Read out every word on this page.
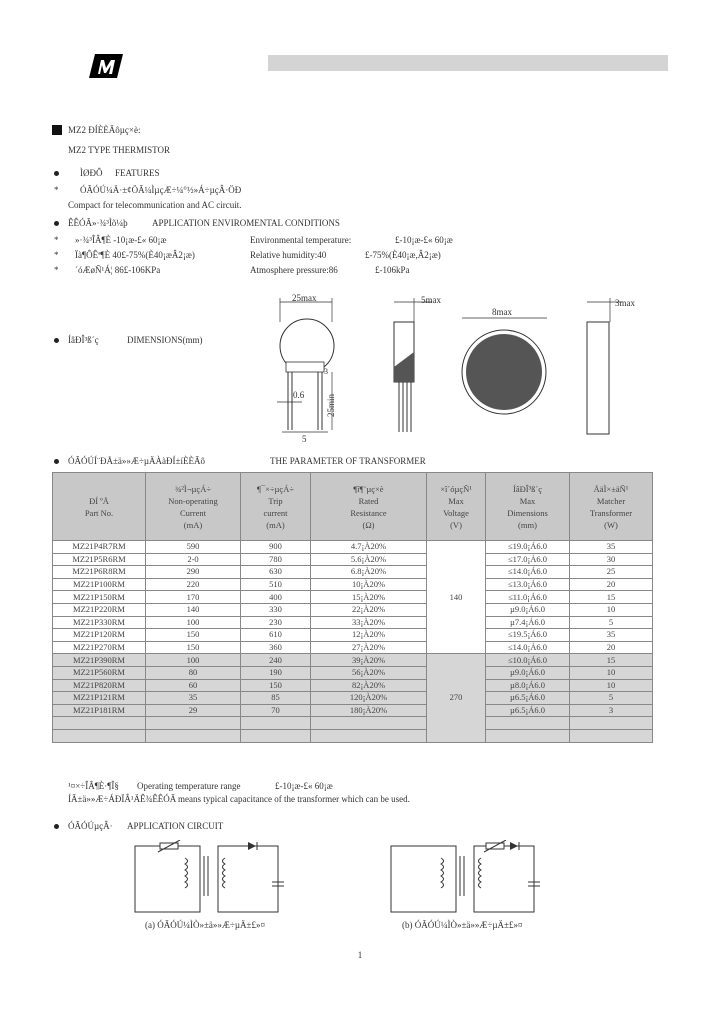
MZ2 ÐÍÈÈÃôµç×è:
MZ2 TYPE THERMISTOR
ÌØÐÔ FEATURES
* ÓÃÓÚ¼Ä·±¢ÖÃ¼ÌµçÆ÷¼°½»Á÷µçÂ·ÖÐ
Compact for telecommunication and AC circuit.
ÊÊÓÃ»·¾³Ìõ¼þ	APPLICATION ENVIROMENTAL CONDITIONS
* »·¾³ÎÂ¶È -10¡æ-£« 60¡æ	Environmental temperature:	£-10¡æ-£« 60¡æ
* Ïà¶ÔÊª¶È 40£-75%(È40¡æÂ2¡æ)	Relative humidity:40	£-75%(È40¡æ,Â2¡æ)
* ´óÆøÑ¹Á¦ 86£-106KPa	Atmosphere pressure:86	£-106kPa
ÍâÐÎ³ß´ç	DIMENSIONS(mm)
25max
0.6
5
3
25min
5max
8max
3max
ÓÃÓÚÍ¨ÐÅ±ä»»Æ÷µÄÀàÐÍ±íÈÈÃô	THE PARAMETER OF TRANSFORMER
ÐÍ ºÅ
Part No.	¾²Ì¬µçÁ÷
Non-operating
Current
(mA)	¶¯×÷µçÁ÷
Trip
current
(mA)	¶î¶¨µç×è
Rated
Resistance
(Ω)	×î´óµçÑ¹
Max
Voltage
(V)	ÍâÐÎ³ß´ç
Max
Dimensions
(mm)	ÅäÌ×±äÑ¹
Matcher
Transformer
(W)
MZ21P4R7RM	590	900	4.7¡À20%	140	≤19.0¡Á6.0	35
MZ21P5R6RM	2-0	780	5.6¡À20%		≤17.0¡Á6.0	30
MZ21P6R8RM	290	630	6.8¡À20%		≤14.0¡Á6.0	25
MZ21P100RM	220	510	10¡À20%		≤13.0¡Á6.0	20
MZ21P150RM	170	400	15¡À20%		≤11.0¡Á6.0	15
MZ21P220RM	140	330	22¡À20%		µ9.0¡Á6.0	10
MZ21P330RM	100	230	33¡À20%		µ7.4¡Á6.0	5
MZ21P120RM	150	610	12¡À20%		≤19.5¡Á6.0	35
MZ21P270RM	150	360	27¡À20%		≤14.0¡Á6.0	20
MZ21P390RM	100	240	39¡À20%	270	≤10.0¡Á6.0	15
MZ21P560RM	80	190	56¡À20%		µ9.0¡Á6.0	10
MZ21P820RM	60	150	82¡À20%		µ8.0¡Á6.0	10
MZ21P121RM	35	85	120¡À20%		µ6.5¡Á6.0	5
MZ21P181RM	29	70	180¡À20%		µ6.5¡Á6.0	3

¹¤×÷ÎÂ¶È·¶Î§ Operating temperature range	£-10¡æ-£« 60¡æ
ÍÃ±ä»»Æ÷ÁÐÏÂ¹ÄÊ¾ÊÊÓÃ means typical capacitance of the transformer which can be used.
ÓÃÓÚµçÂ· APPLICATION CIRCUIT
(a) ÓÃÓÚ¼ÌÒ»±ä»»Æ÷µÄ±£»¤	(b) ÓÃÓÚ¼ÌÒ»±ä»»Æ÷µÄ±£»¤
1
